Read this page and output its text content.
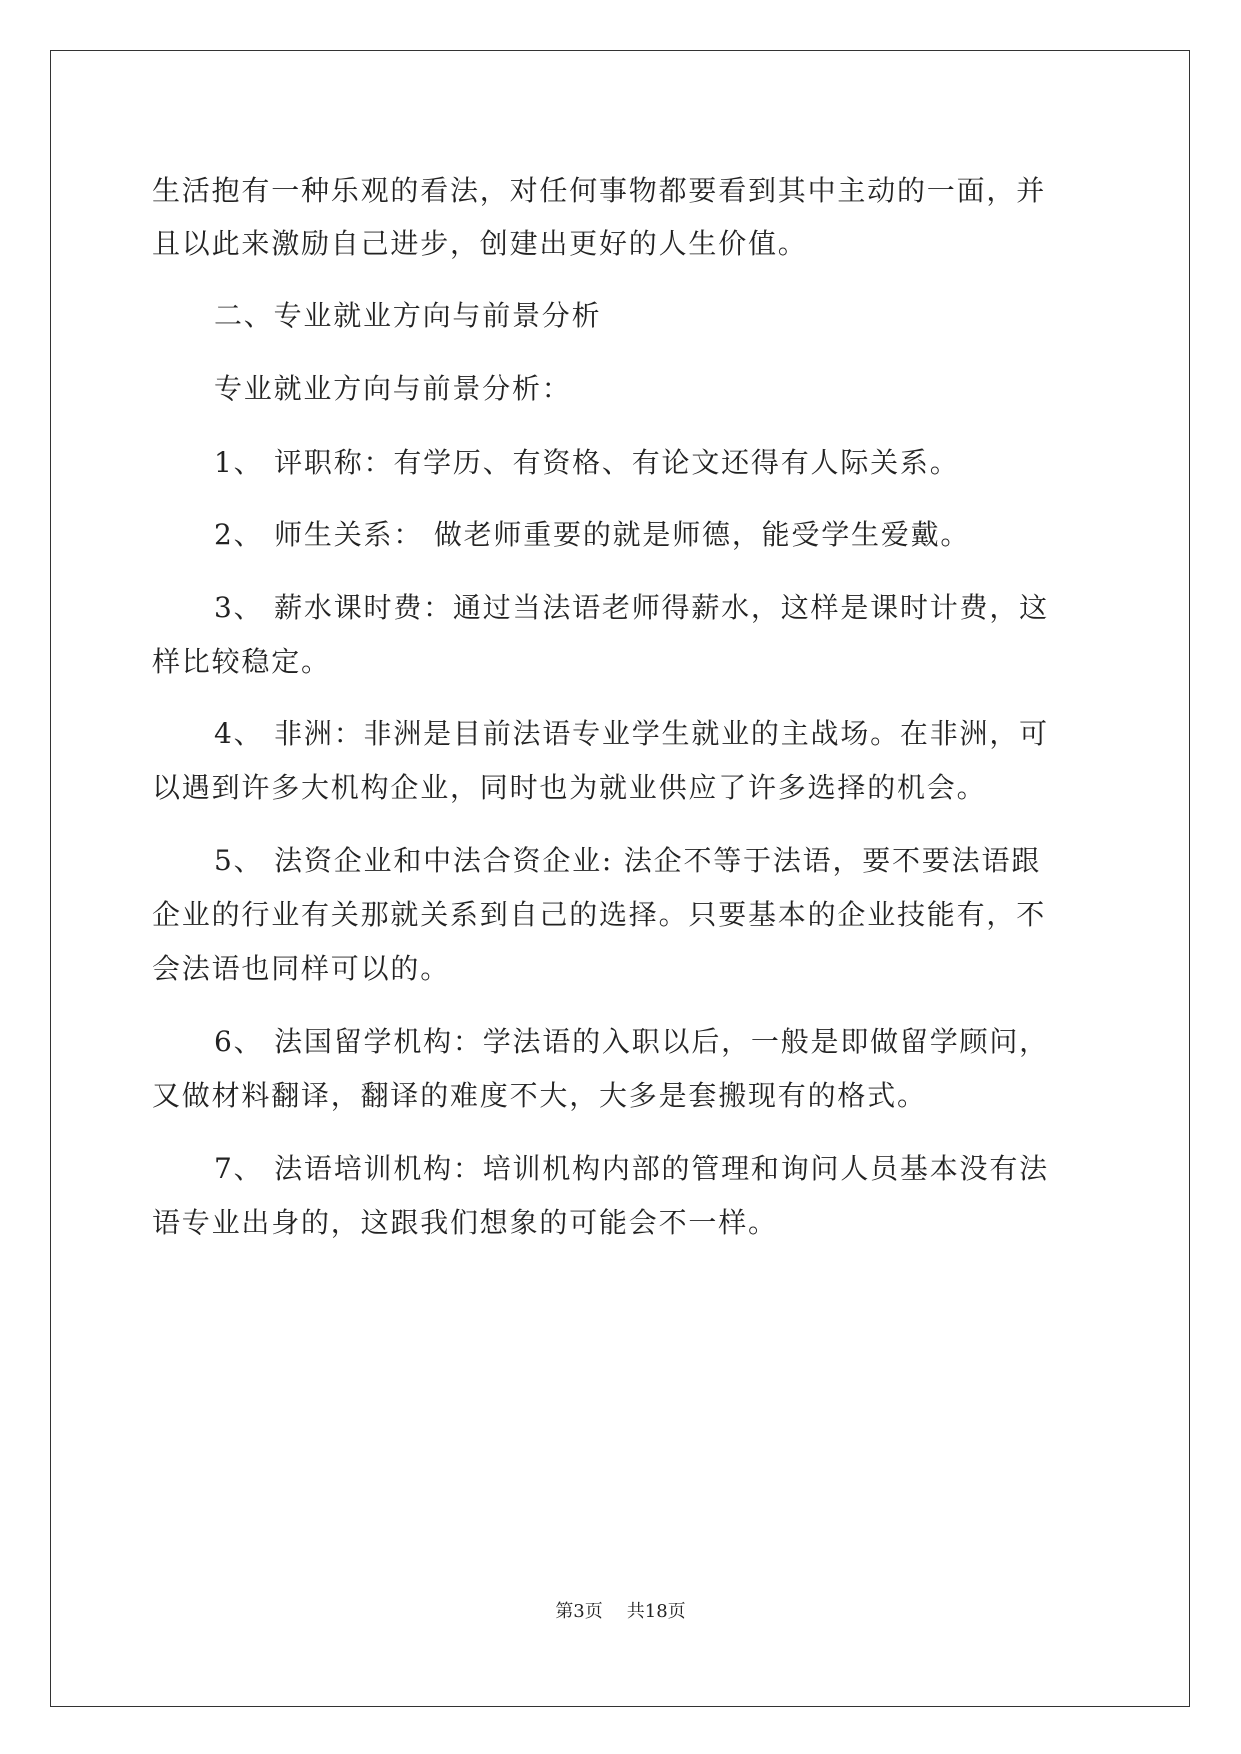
生活抱有一种乐观的看法，对任何事物都要看到其中主动的一面，并
且以此来激励自己进步，创建出更好的人生价值。
二、专业就业方向与前景分析
专业就业方向与前景分析：
1、 评职称：有学历、有资格、有论文还得有人际关系。
2、 师生关系： 做老师重要的就是师德，能受学生爱戴。
3、 薪水课时费：通过当法语老师得薪水，这样是课时计费，这
样比较稳定。
4、 非洲：非洲是目前法语专业学生就业的主战场。在非洲，可
以遇到许多大机构企业，同时也为就业供应了许多选择的机会。
5、 法资企业和中法合资企业: 法企不等于法语，要不要法语跟
企业的行业有关那就关系到自己的选择。只要基本的企业技能有，不
会法语也同样可以的。
6、 法国留学机构：学法语的入职以后，一般是即做留学顾问，
又做材料翻译，翻译的难度不大，大多是套搬现有的格式。
7、 法语培训机构：培训机构内部的管理和询问人员基本没有法
语专业出身的，这跟我们想象的可能会不一样。
第3页 共18页
